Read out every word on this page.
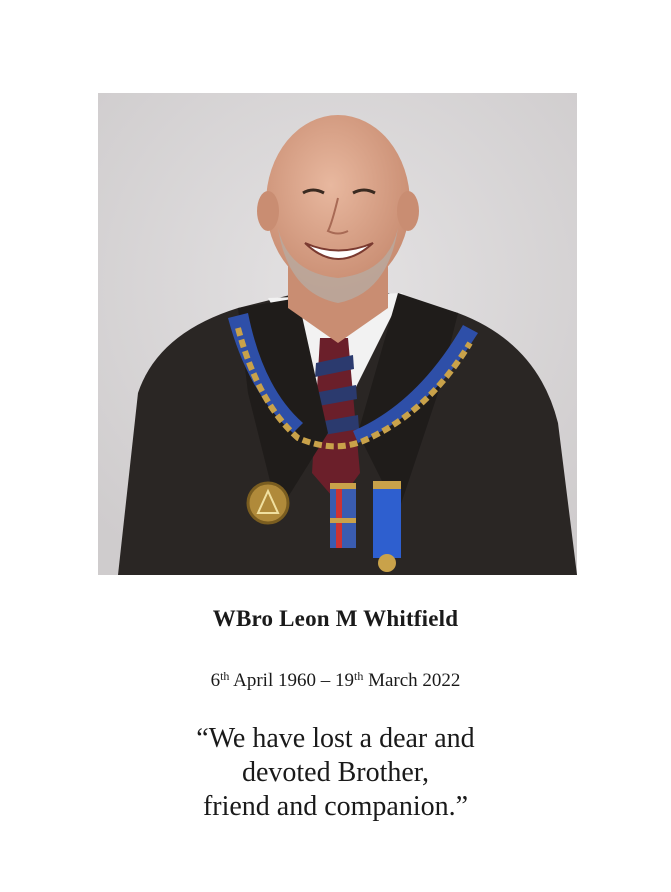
WBro Leon M Whitfield
6th April 1960 – 19th March 2022
“We have lost a dear and
devoted Brother,
friend and companion.”
